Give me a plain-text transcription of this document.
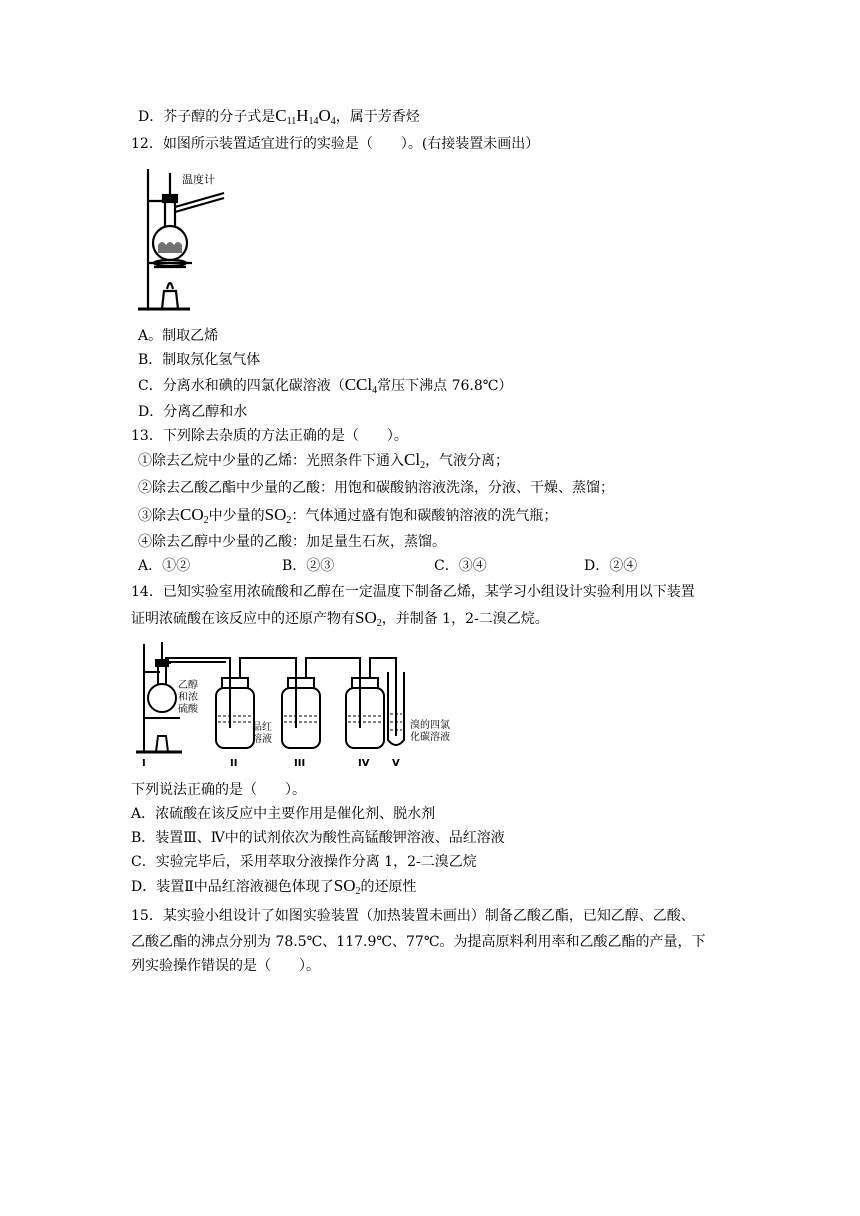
D．芥子醇的分子式是$C_{11}H_{14}O_4$，属于芳香烃
12．如图所示装置适宜进行的实验是（　　）。(右接装置未画出）
温度计
A。制取乙烯
B．制取氖化氢气体
C．分离水和碘的四氯化碳溶液（CCl$_4$常压下沸点 76.8℃）
D．分离乙醇和水
13．下列除去杂质的方法正确的是（　　）。
①除去乙烷中少量的乙烯：光照条件下通入$Cl_2$，气液分离；
②除去乙酸乙酯中少量的乙酸：用饱和碳酸钠溶液洗涤，分液、干燥、蒸馏；
③除去$CO_2$中少量的$SO_2$：气体通过盛有饱和碳酸钠溶液的洗气瓶；
④除去乙醇中少量的乙酸：加足量生石灰，蒸馏。
A．①②	B．②③	C．③④	D．②④
14．已知实验室用浓硫酸和乙醇在一定温度下制备乙烯，某学习小组设计实验利用以下装置
证明浓硫酸在该反应中的还原产物有$SO_2$，并制备 1，2-二溴乙烷。
乙醇
和浓
硫酸
品红
溶液
溴的四氯
化碳溶液
I	II	III	IV V
下列说法正确的是（　　）。
A．浓硫酸在该反应中主要作用是催化剂、脱水剂
B．装置Ⅲ、Ⅳ中的试剂依次为酸性高锰酸钾溶液、品红溶液
C．实验完毕后，采用萃取分液操作分离 1，2-二溴乙烷
D．装置Ⅱ中品红溶液褪色体现了$SO_2$的还原性
15．某实验小组设计了如图实验装置（加热装置未画出）制备乙酸乙酯，已知乙醇、乙酸、
乙酸乙酯的沸点分别为 78.5℃、117.9℃、77℃。为提高原料利用率和乙酸乙酯的产量，下
列实验操作错误的是（　　）。
